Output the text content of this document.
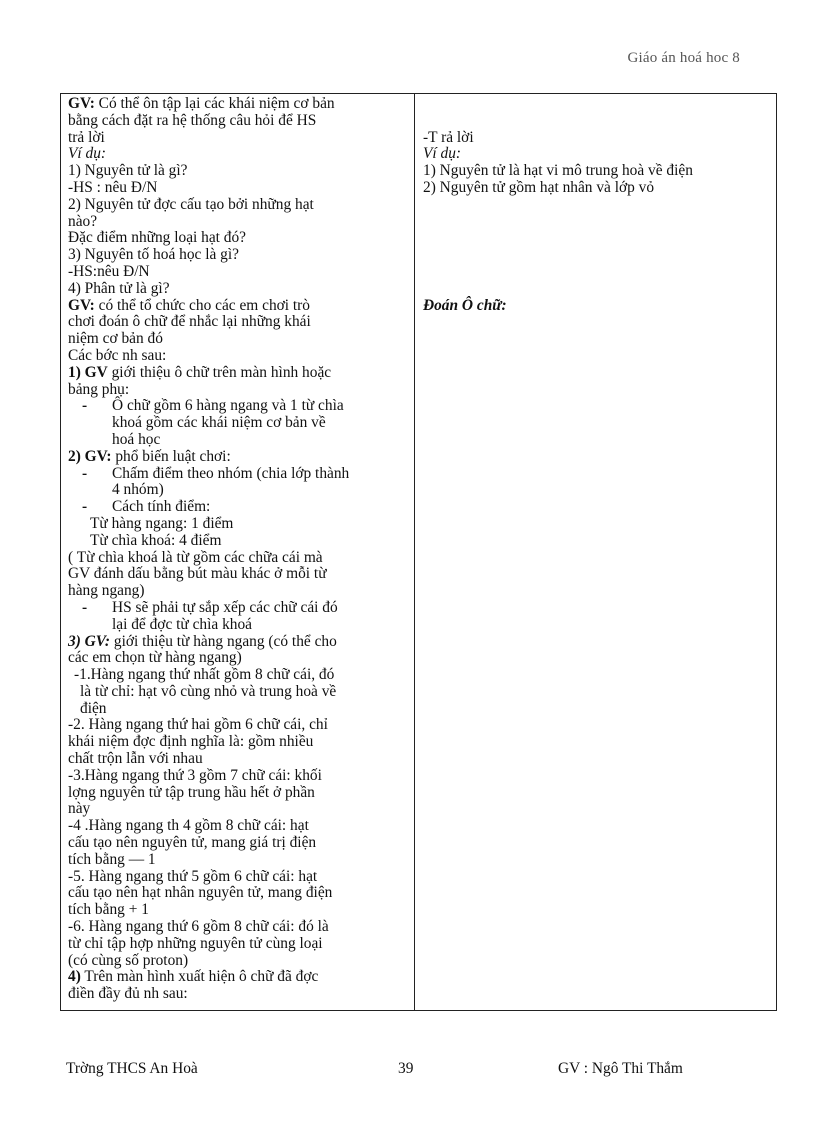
Giáo án hoá hoc 8
GV: Có thể ôn tập lại các khái niệm cơ bản
bằng cách đặt ra hệ thống câu hỏi để HS
trả lời
Ví dụ:
1) Nguyên tử là gì?
-HS : nêu Đ/N
2) Nguyên tử đợc cấu tạo bởi những hạt
nào?
Đặc điểm những loại hạt đó?
3) Nguyên tố hoá học là gì?
-HS:nêu Đ/N
4) Phân tử là gì?
GV: có thể tổ chức cho các em chơi trò
chơi đoán ô chữ để nhắc lại những khái
niệm cơ bản đó
Các bớc nh sau:
1) GV giới thiệu ô chữ trên màn hình hoặc
bảng phụ:
- Ô chữ gồm 6 hàng ngang và 1 từ chìa
khoá gồm các khái niệm cơ bản về
hoá học
2) GV: phổ biến luật chơi:
- Chấm điểm theo nhóm (chia lớp thành
4 nhóm)
- Cách tính điểm:
Từ hàng ngang: 1 điểm
Từ chìa khoá: 4 điểm
( Từ chìa khoá là từ gồm các chữa cái mà
GV đánh dấu bằng bút màu khác ở mỗi từ
hàng ngang)
- HS sẽ phải tự sắp xếp các chữ cái đó
lại để đợc từ chìa khoá
3) GV: giới thiệu từ hàng ngang (có thể cho
các em chọn từ hàng ngang)
-1.Hàng ngang thứ nhất gồm 8 chữ cái, đó
là từ chỉ: hạt vô cùng nhỏ và trung hoà về
điện
-2. Hàng ngang thứ hai gồm 6 chữ cái, chỉ
khái niệm đợc định nghĩa là: gồm nhiều
chất trộn lẫn với nhau
-3.Hàng ngang thứ 3 gồm 7 chữ cái: khối
lợng nguyên tử tập trung hầu hết ở phần
này
-4 .Hàng ngang th 4 gồm 8 chữ cái: hạt
cấu tạo nên nguyên tử, mang giá trị điện
tích bằng — 1
-5. Hàng ngang thứ 5 gồm 6 chữ cái: hạt
cấu tạo nên hạt nhân nguyên tử, mang điện
tích bằng + 1
-6. Hàng ngang thứ 6 gồm 8 chữ cái: đó là
từ chỉ tập hợp những nguyên tử cùng loại
(có cùng số proton)
4) Trên màn hình xuất hiện ô chữ đã đợc
điền đầy đủ nh sau:

-T rả lời
Ví dụ:
1) Nguyên tử là hạt vi mô trung hoà về điện
2) Nguyên tử gồm hạt nhân và lớp vỏ
Đoán Ô chữ:
Trờng THCS An Hoà	39	GV : Ngô Thi Thắm
